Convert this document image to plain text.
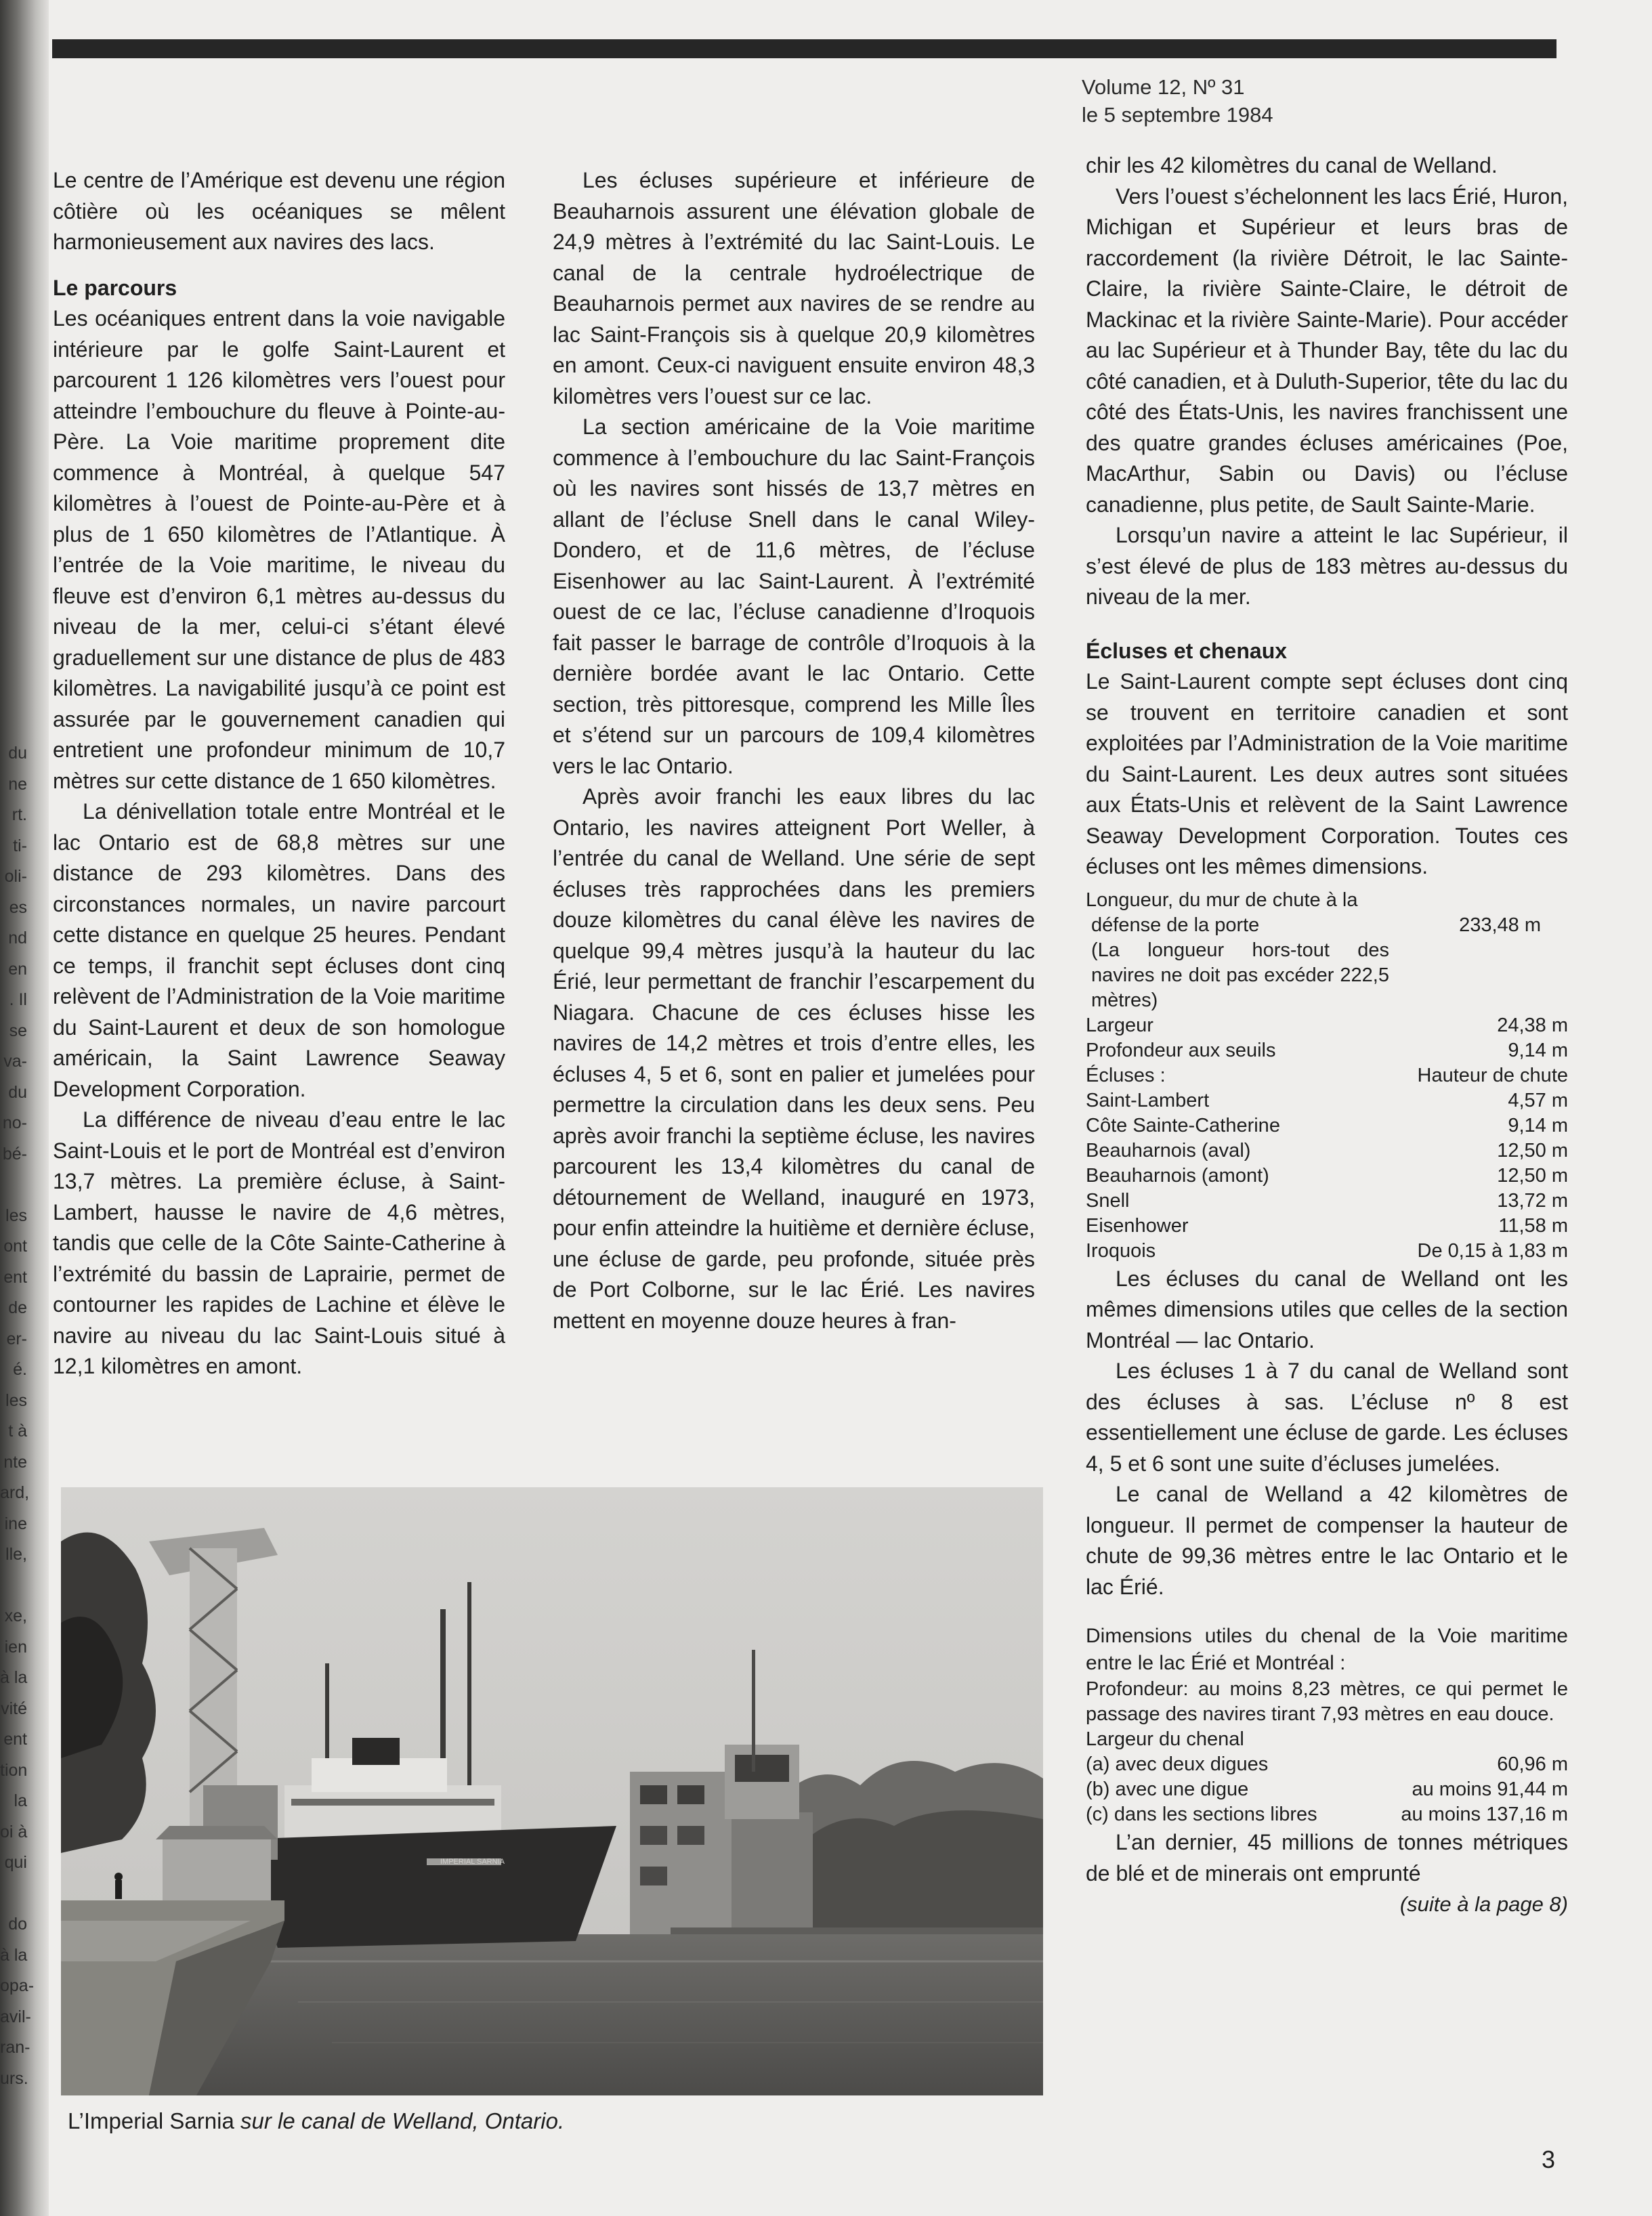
du
ne
rt.
ti-
oli-
es
nd
en
. Il
se
va-
du
no-
bé-

les
ont
ent
de
er-
é.
les
t à
nte
ard,
ine
lle,

xe,
ien
à la
vité
ent
tion
la
oi à
qui

do
à la
opa-
avil-
ran-
urs.
Volume 12, Nº 31
le 5 septembre 1984

Le centre de l’Amérique est devenu une région côtière où les océaniques se mêlent harmonieusement aux navires des lacs.

Le parcours

Les océaniques entrent dans la voie navigable intérieure par le golfe Saint-Laurent et parcourent 1 126 kilomètres vers l’ouest pour atteindre l’embouchure du fleuve à Pointe-au-Père. La Voie maritime proprement dite commence à Montréal, à quelque 547 kilomètres à l’ouest de Pointe-au-Père et à plus de 1 650 kilomètres de l’Atlantique. À l’entrée de la Voie maritime, le niveau du fleuve est d’environ 6,1 mètres au-dessus du niveau de la mer, celui-ci s’étant élevé graduellement sur une distance de plus de 483 kilomètres. La navigabilité jusqu’à ce point est assurée par le gouvernement canadien qui entretient une profondeur minimum de 10,7 mètres sur cette distance de 1 650 kilomètres.

La dénivellation totale entre Montréal et le lac Ontario est de 68,8 mètres sur une distance de 293 kilomètres. Dans des circonstances normales, un navire parcourt cette distance en quelque 25 heures. Pendant ce temps, il franchit sept écluses dont cinq relèvent de l’Administration de la Voie maritime du Saint-Laurent et deux de son homologue américain, la Saint Lawrence Seaway Development Corporation.

La différence de niveau d’eau entre le lac Saint-Louis et le port de Montréal est d’environ 13,7 mètres. La première écluse, à Saint-Lambert, hausse le navire de 4,6 mètres, tandis que celle de la Côte Sainte-Catherine à l’extrémité du bassin de Laprairie, permet de contourner les rapides de Lachine et élève le navire au niveau du lac Saint-Louis situé à 12,1 kilomètres en amont.

Les écluses supérieure et inférieure de Beauharnois assurent une élévation globale de 24,9 mètres à l’extrémité du lac Saint-Louis. Le canal de la centrale hydroélectrique de Beauharnois permet aux navires de se rendre au lac Saint-François sis à quelque 20,9 kilomètres en amont. Ceux-ci naviguent ensuite environ 48,3 kilomètres vers l’ouest sur ce lac.

La section américaine de la Voie maritime commence à l’embouchure du lac Saint-François où les navires sont hissés de 13,7 mètres en allant de l’écluse Snell dans le canal Wiley-Dondero, et de 11,6 mètres, de l’écluse Eisenhower au lac Saint-Laurent. À l’extrémité ouest de ce lac, l’écluse canadienne d’Iroquois fait passer le barrage de contrôle d’Iroquois à la dernière bordée avant le lac Ontario. Cette section, très pittoresque, comprend les Mille Îles et s’étend sur un parcours de 109,4 kilomètres vers le lac Ontario.

Après avoir franchi les eaux libres du lac Ontario, les navires atteignent Port Weller, à l’entrée du canal de Welland. Une série de sept écluses très rapprochées dans les premiers douze kilomètres du canal élève les navires de quelque 99,4 mètres jusqu’à la hauteur du lac Érié, leur permettant de franchir l’escarpement du Niagara. Chacune de ces écluses hisse les navires de 14,2 mètres et trois d’entre elles, les écluses 4, 5 et 6, sont en palier et jumelées pour permettre la circulation dans les deux sens. Peu après avoir franchi la septième écluse, les navires parcourent les 13,4 kilomètres du canal de détournement de Welland, inauguré en 1973, pour enfin atteindre la huitième et dernière écluse, une écluse de garde, peu profonde, située près de Port Colborne, sur le lac Érié. Les navires mettent en moyenne douze heures à fran-

chir les 42 kilomètres du canal de Welland.

Vers l’ouest s’échelonnent les lacs Érié, Huron, Michigan et Supérieur et leurs bras de raccordement (la rivière Détroit, le lac Sainte-Claire, la rivière Sainte-Claire, le détroit de Mackinac et la rivière Sainte-Marie). Pour accéder au lac Supérieur et à Thunder Bay, tête du lac du côté canadien, et à Duluth-Superior, tête du lac du côté des États-Unis, les navires franchissent une des quatre grandes écluses américaines (Poe, MacArthur, Sabin ou Davis) ou l’écluse canadienne, plus petite, de Sault Sainte-Marie.

Lorsqu’un navire a atteint le lac Supérieur, il s’est élevé de plus de 183 mètres au-dessus du niveau de la mer.

Écluses et chenaux

Le Saint-Laurent compte sept écluses dont cinq se trouvent en territoire canadien et sont exploitées par l’Administration de la Voie maritime du Saint-Laurent. Les deux autres sont situées aux États-Unis et relèvent de la Saint Lawrence Seaway Development Corporation. Toutes ces écluses ont les mêmes dimensions.

Longueur, du mur de chute à la
défense de la porte	233,48 m
(La longueur hors-tout des navires ne doit pas excéder 222,5 mètres)
Largeur	24,38 m
Profondeur aux seuils	9,14 m
Écluses :	Hauteur de chute
Saint-Lambert	4,57 m
Côte Sainte-Catherine	9,14 m
Beauharnois (aval)	12,50 m
Beauharnois (amont)	12,50 m
Snell	13,72 m
Eisenhower	11,58 m
Iroquois	De 0,15 à 1,83 m

Les écluses du canal de Welland ont les mêmes dimensions utiles que celles de la section Montréal — lac Ontario.

Les écluses 1 à 7 du canal de Welland sont des écluses à sas. L’écluse nº 8 est essentiellement une écluse de garde. Les écluses 4, 5 et 6 sont une suite d’écluses jumelées.

Le canal de Welland a 42 kilomètres de longueur. Il permet de compenser la hauteur de chute de 99,36 mètres entre le lac Ontario et le lac Érié.

Dimensions utiles du chenal de la Voie maritime entre le lac Érié et Montréal :
Profondeur: au moins 8,23 mètres, ce qui permet le passage des navires tirant 7,93 mètres en eau douce.
Largeur du chenal
(a) avec deux digues	60,96 m
(b) avec une digue	au moins 91,44 m
(c) dans les sections libres	au moins 137,16 m

L’an dernier, 45 millions de tonnes métriques de blé et de minerais ont emprunté

(suite à la page 8)
IMPERIAL SARNIA
L’Imperial Sarnia sur le canal de Welland, Ontario.
3
